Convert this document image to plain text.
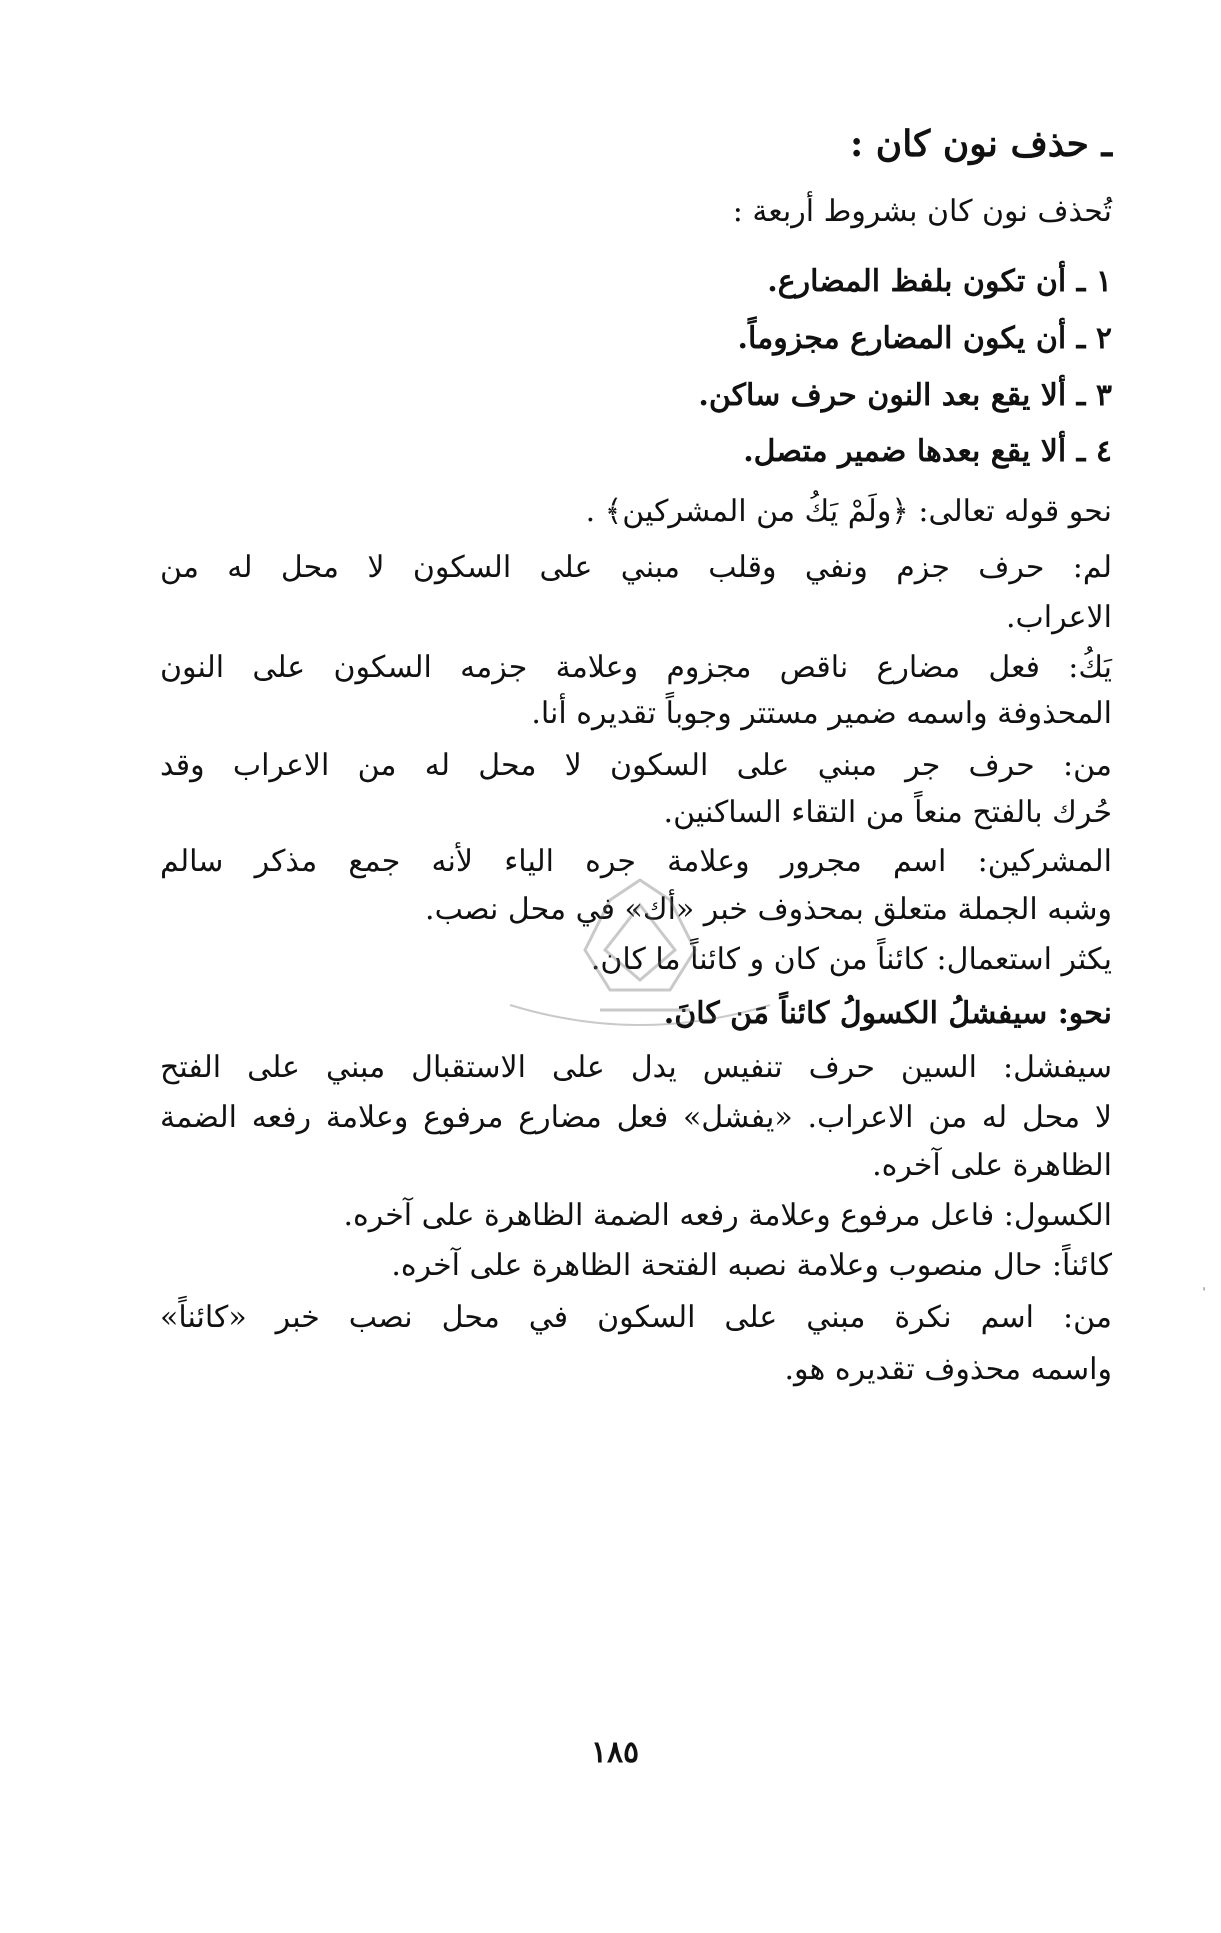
ـ حذف نون كان :
تُحذف نون كان بشروط أربعة :
١ ـ أن تكون بلفظ المضارع.
٢ ـ أن يكون المضارع مجزوماً.
٣ ـ ألا يقع بعد النون حرف ساكن.
٤ ـ ألا يقع بعدها ضمير متصل.
نحو قوله تعالى: ﴿ولَمْ يَكُ من المشركين﴾ .
لم: حرف جزم ونفي وقلب مبني على السكون لا محل له من
الاعراب.
يَكُ: فعل مضارع ناقص مجزوم وعلامة جزمه السكون على النون
المحذوفة واسمه ضمير مستتر وجوباً تقديره أنا.
من: حرف جر مبني على السكون لا محل له من الاعراب وقد
حُرك بالفتح منعاً من التقاء الساكنين.
المشركين: اسم مجرور وعلامة جره الياء لأنه جمع مذكر سالم
وشبه الجملة متعلق بمحذوف خبر «أك» في محل نصب.
يكثر استعمال: كائناً من كان و كائناً ما كان.
نحو: سيفشلُ الكسولُ كائناً مَن كانَ.
سيفشل: السين حرف تنفيس يدل على الاستقبال مبني على الفتح
لا محل له من الاعراب. «يفشل» فعل مضارع مرفوع وعلامة رفعه الضمة
الظاهرة على آخره.
الكسول: فاعل مرفوع وعلامة رفعه الضمة الظاهرة على آخره.
كائناً: حال منصوب وعلامة نصبه الفتحة الظاهرة على آخره.
من: اسم نكرة مبني على السكون في محل نصب خبر «كائناً»
واسمه محذوف تقديره هو.
١٨٥
ˈ
